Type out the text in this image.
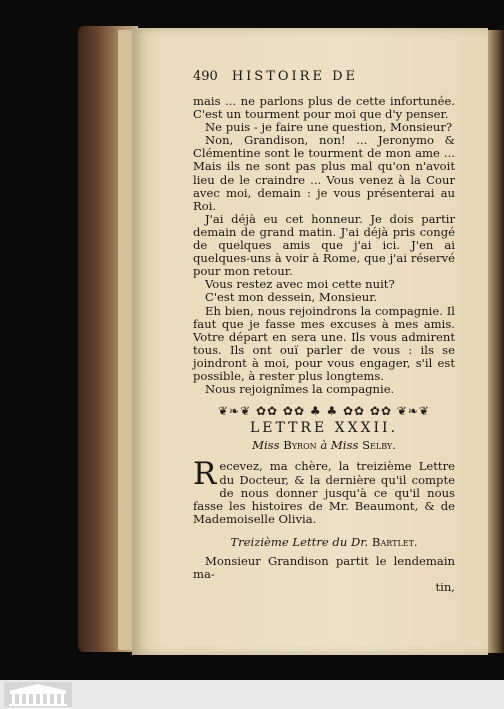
490 HISTOIRE DE

mais ... ne parlons plus de cette infortunée. C'est un tourment pour moi que d'y penser.

Ne puis - je faire une question, Monsieur?

Non, Grandison, non! ... Jeronymo & Clémentine sont le tourment de mon ame ... Mais ils ne sont pas plus mal qu'on n'avoit lieu de le craindre ... Vous venez à la Cour avec moi, demain : je vous présenterai au Roi.

J'ai déjà eu cet honneur. Je dois partir demain de grand matin. J'ai déjà pris congé de quelques amis que j'ai ici. J'en ai quelques-uns à voir à Rome, que j'ai réservé pour mon retour.

Vous restez avec moi cette nuit?

C'est mon dessein, Monsieur.

Eh bien, nous rejoindrons la compagnie. Il faut que je fasse mes excuses à mes amis. Votre départ en sera une. Ils vous admirent tous. Ils ont ouï parler de vous : ils se joindront à moi, pour vous engager, s'il est possible, à rester plus longtems.

Nous rejoignîmes la compagnie.

❦❧❦ ✿✿ ✿✿ ♣ ♣ ✿✿ ✿✿ ❦❧❦
LETTRE XXXII.
Miss Byron à Miss Selby.
R ecevez, ma chère, la treizième Lettre du Docteur, & la dernière qu'il compte de nous donner jusqu'à ce qu'il nous fasse les histoires de Mr. Beaumont, & de Mademoiselle Olivia.

Treizième Lettre du Dr. Bartlet.

Monsieur Grandison partit le lendemain ma-

tin,
